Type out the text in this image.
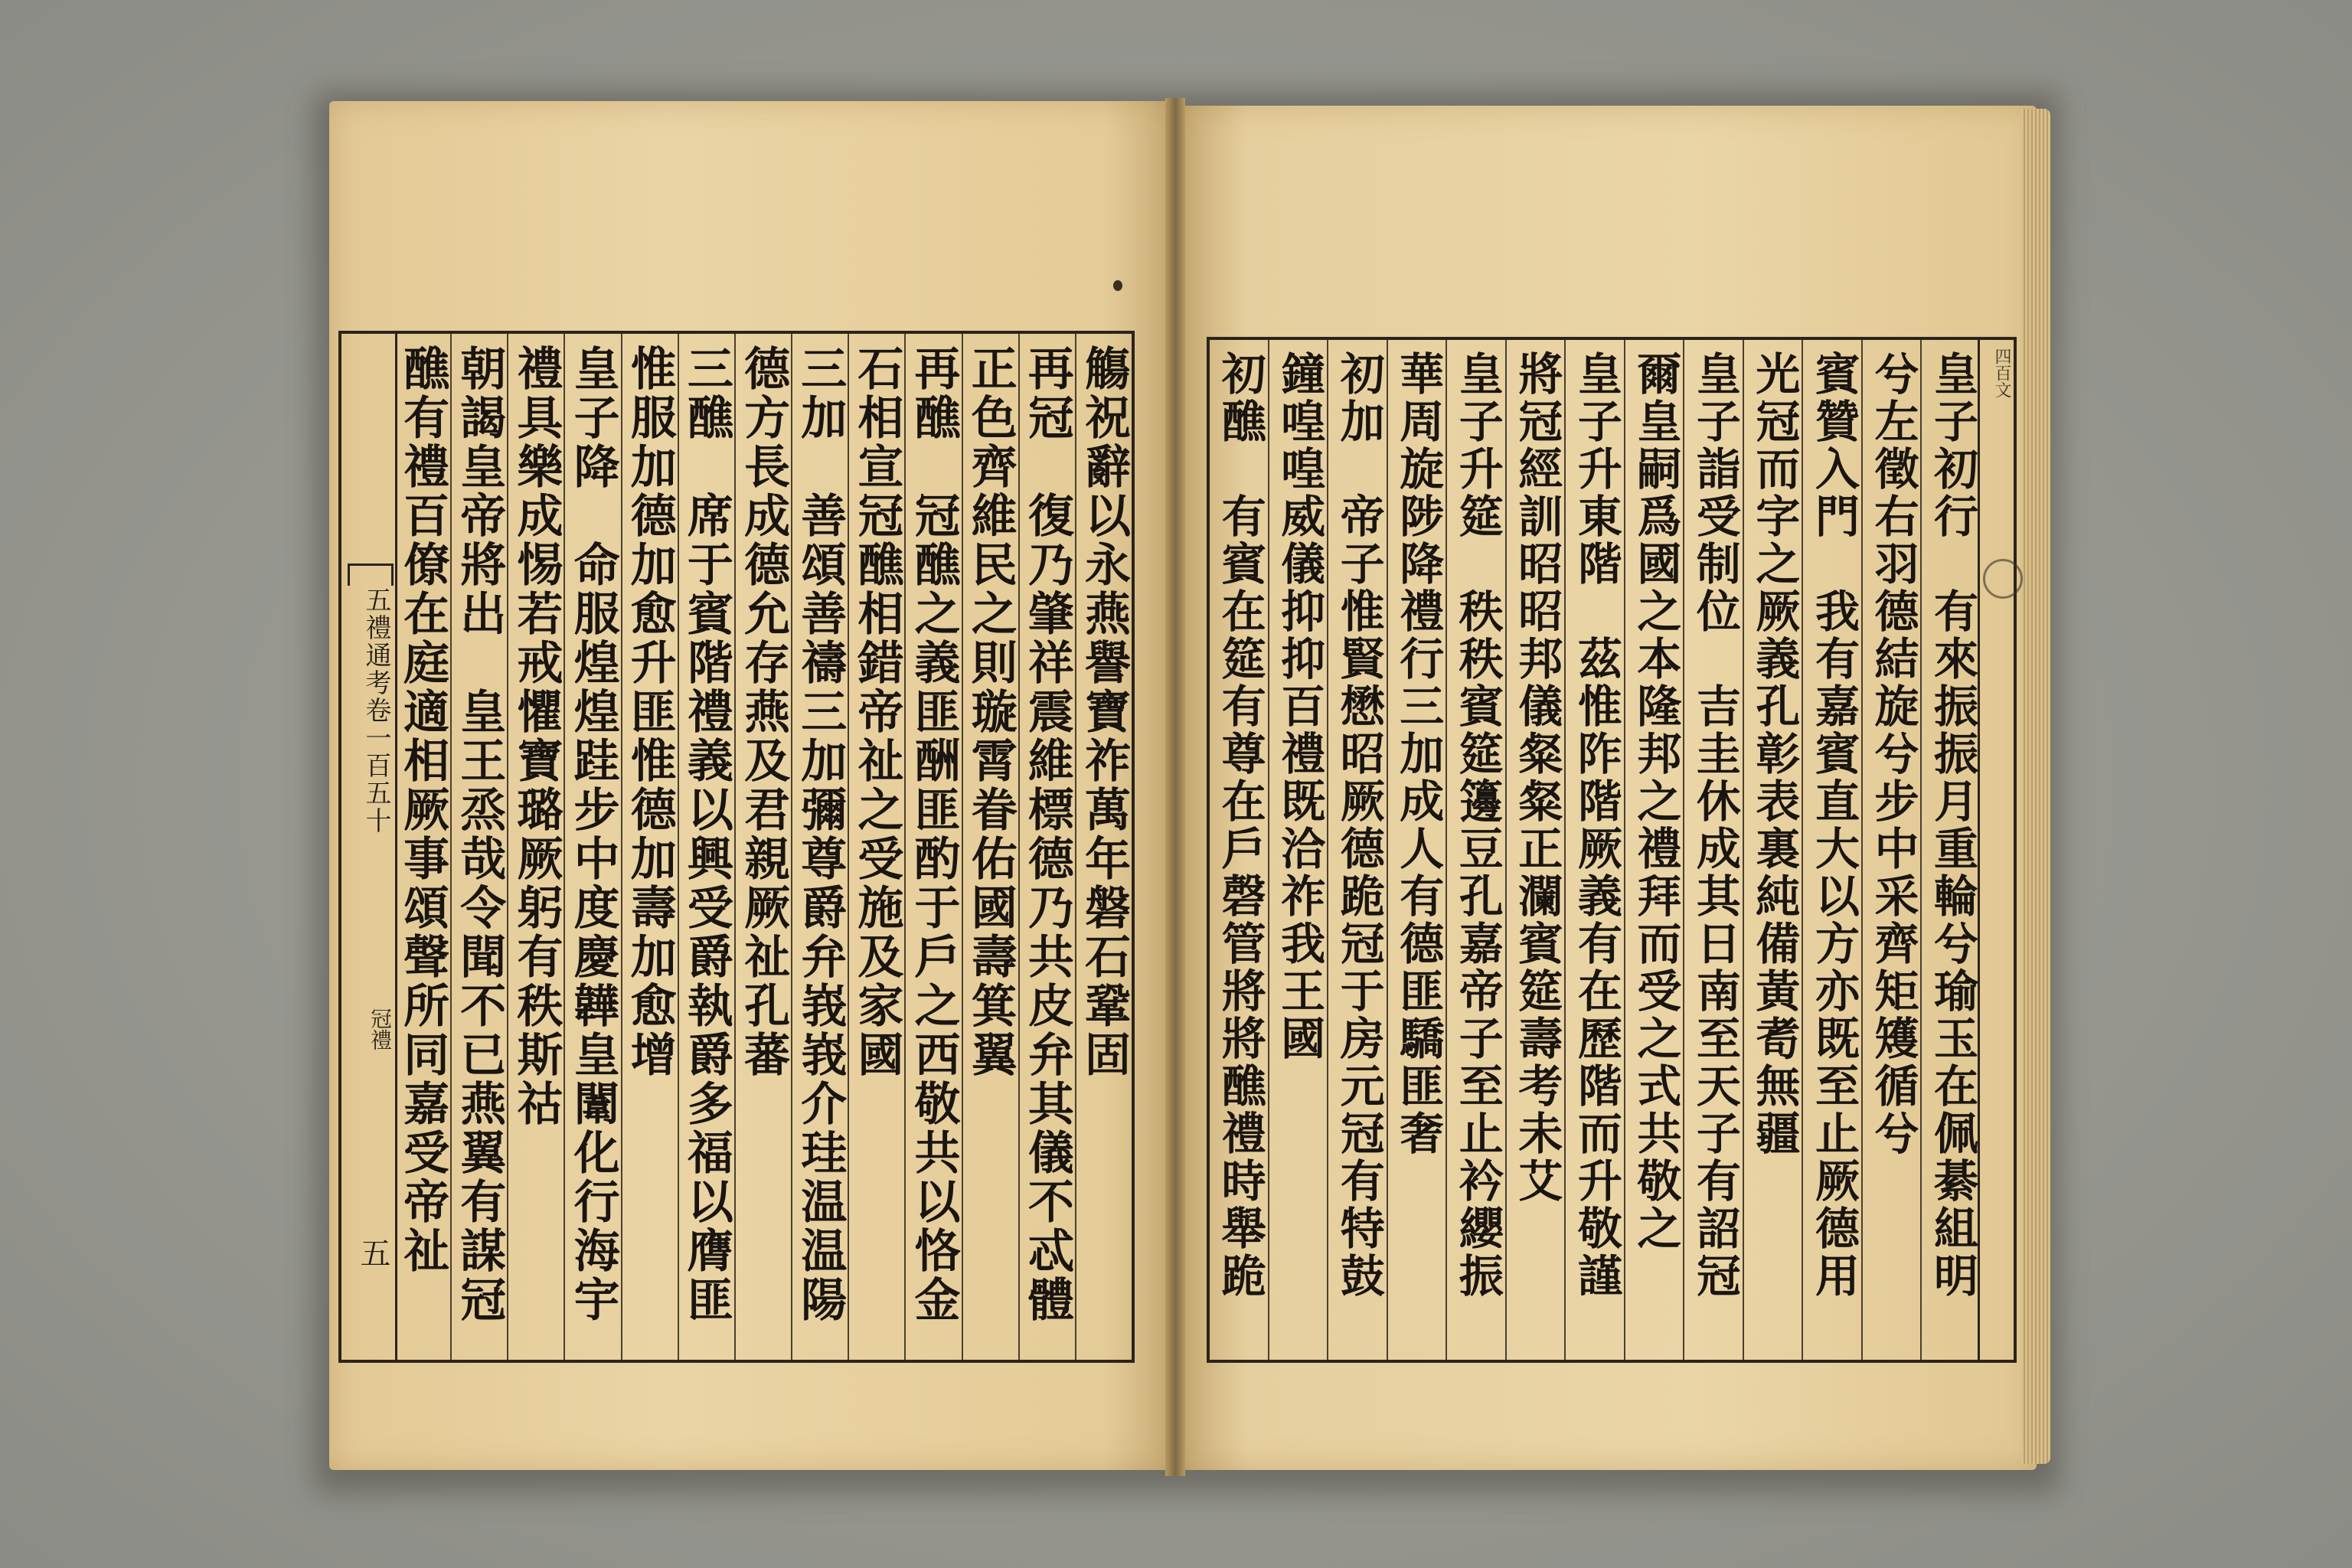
五禮通考卷一百五十
冠禮
五
觴祝辭以永燕譽寶祚萬年磐石鞏固
再冠　復乃肇祥震維標德乃共皮弁其儀不忒體
正色齊維民之則璇霄眷佑國壽箕翼
再醮　冠醮之義匪酬匪酌于戶之西敬共以恪金
石相宣冠醮相錯帝祉之受施及家國
三加　善頌善禱三加彌尊爵弁峩峩介珪温温陽
德方長成德允存燕及君親厥祉孔蕃
三醮　席于賓階禮義以興受爵執爵多福以膺匪
惟服加德加愈升匪惟德加壽加愈增
皇子降　命服煌煌跬步中度慶韡皇闈化行海宇
禮具樂成惕若戒懼寶璐厥躬有秩斯祜
朝謁皇帝將出　皇王烝哉令聞不已燕翼有謀冠
醮有禮百僚在庭適相厥事頌聲所同嘉受帝祉	四百文
皇子初行　有來振振月重輪兮瑜玉在佩綦組明
兮左徵右羽德結旋兮步中采齊矩矱循兮
賓贊入門　我有嘉賓直大以方亦既至止厥德用
光冠而字之厥義孔彰表裏純備黃耉無疆
皇子詣受制位　吉圭休成其日南至天子有詔冠
爾皇嗣爲國之本隆邦之禮拜而受之式共敬之
皇子升東階　茲惟阼階厥義有在歷階而升敬謹
將冠經訓昭昭邦儀粲粲正瀾賓筵壽考未艾
皇子升筵　秩秩賓筵籩豆孔嘉帝子至止衿纓振
華周旋陟降禮行三加成人有德匪驕匪奢
初加　帝子惟賢懋昭厥德跪冠于房元冠有特鼓
鐘喤喤威儀抑抑百禮既洽祚我王國
初醮　有賓在筵有尊在戶磬管將將醮禮時舉跪
